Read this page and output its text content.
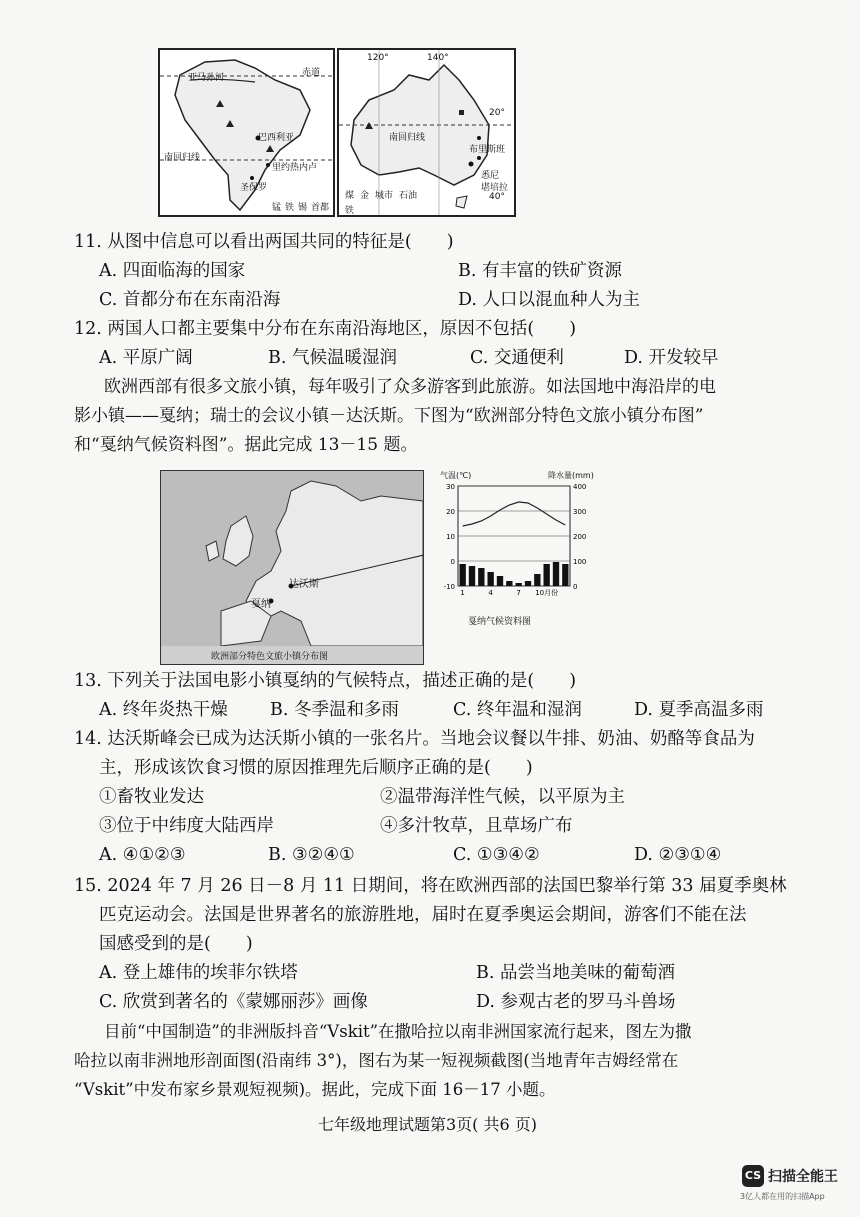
亚马孙河	赤道
巴西利亚
南回归线
里约热内卢
圣保罗
锰 铁 锡 首都
120°	140°
20°
南回归线
布里斯班
悉尼
堪培拉
40°
煤 金 城市 石油
铁
11. 从图中信息可以看出两国共同的特征是(　　)
A. 四面临海的国家	B. 有丰富的铁矿资源
C. 首都分布在东南沿海	D. 人口以混血种人为主
12. 两国人口都主要集中分布在东南沿海地区，原因不包括(　　)
A. 平原广阔	B. 气候温暖湿润	C. 交通便利	D. 开发较早
欧洲西部有很多文旅小镇，每年吸引了众多游客到此旅游。如法国地中海沿岸的电
影小镇——戛纳；瑞士的会议小镇－达沃斯。下图为“欧洲部分特色文旅小镇分布图”
和“戛纳气候资料图”。据此完成 13－15 题。
达沃斯
戛纳
欧洲部分特色文旅小镇分布图
30	400
20	300
10	200
0	100
-10	0
1	4	7 10月份
气温(℃)	降水量(mm)
戛纳气候资料图
13. 下列关于法国电影小镇戛纳的气候特点，描述正确的是(　　)
A. 终年炎热干燥 B. 冬季温和多雨	C. 终年温和湿润	D. 夏季高温多雨
14. 达沃斯峰会已成为达沃斯小镇的一张名片。当地会议餐以牛排、奶油、奶酪等食品为
主，形成该饮食习惯的原因推理先后顺序正确的是(　　)
①畜牧业发达	②温带海洋性气候，以平原为主
③位于中纬度大陆西岸	④多汁牧草，且草场广布
A. ④①②③	B. ③②④①	C. ①③④②	D. ②③①④
15. 2024 年 7 月 26 日－8 月 11 日期间，将在欧洲西部的法国巴黎举行第 33 届夏季奥林
匹克运动会。法国是世界著名的旅游胜地，届时在夏季奥运会期间，游客们不能在法
国感受到的是(　　)
A. 登上雄伟的埃菲尔铁塔	B. 品尝当地美味的葡萄酒
C. 欣赏到著名的《蒙娜丽莎》画像	D. 参观古老的罗马斗兽场
目前“中国制造”的非洲版抖音“Vskit”在撒哈拉以南非洲国家流行起来，图左为撒
哈拉以南非洲地形剖面图(沿南纬 3°)，图右为某一短视频截图(当地青年吉姆经常在
“Vskit”中发布家乡景观短视频)。据此，完成下面 16－17 小题。
七年级地理试题第3页( 共6 页)
CS 扫描全能王
3亿人都在用的扫描App
